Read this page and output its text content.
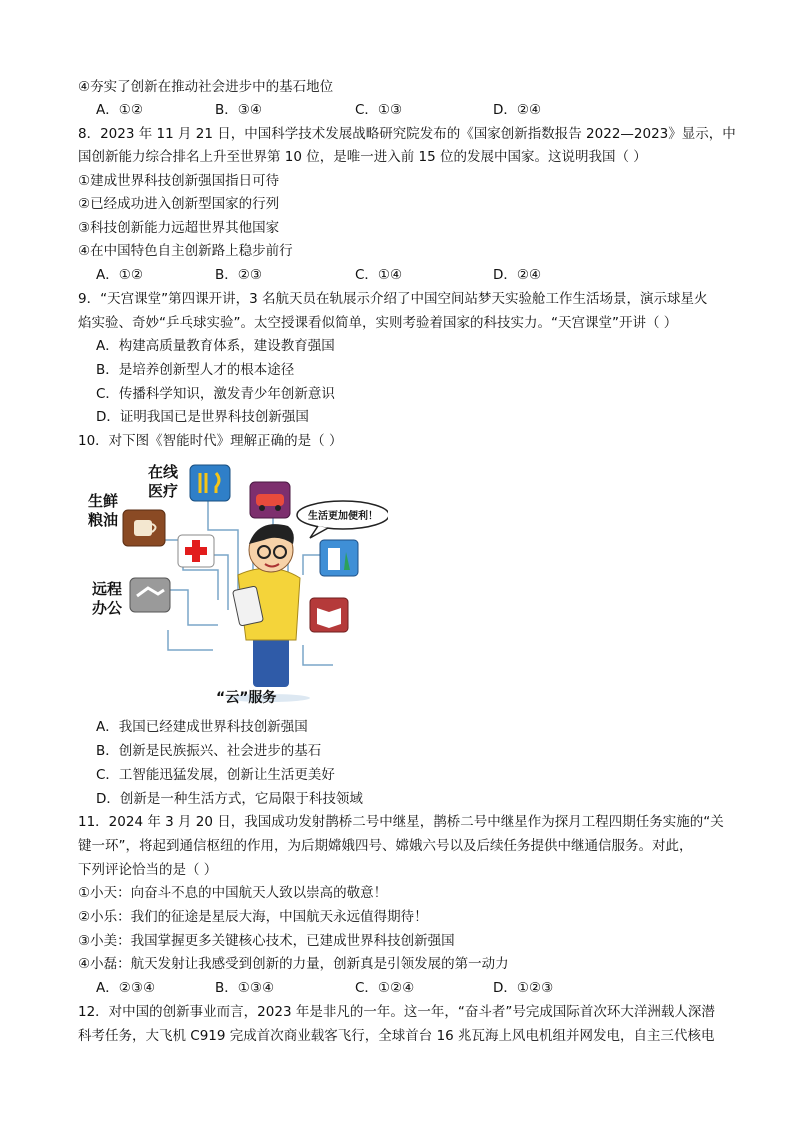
④夯实了创新在推动社会进步中的基石地位
A．①②	B．③④	C．①③	D．②④
8．2023 年 11 月 21 日，中国科学技术发展战略研究院发布的《国家创新指数报告 2022—2023》显示，中
国创新能力综合排名上升至世界第 10 位，是唯一进入前 15 位的发展中国家。这说明我国（ ）
①建成世界科技创新强国指日可待
②已经成功进入创新型国家的行列
③科技创新能力远超世界其他国家
④在中国特色自主创新路上稳步前行
A．①②	B．②③	C．①④	D．②④
9．“天宫课堂”第四课开讲，3 名航天员在轨展示介绍了中国空间站梦天实验舱工作生活场景，演示球星火
焰实验、奇妙“乒乓球实验”。太空授课看似简单，实则考验着国家的科技实力。“天宫课堂”开讲（ ）
A．构建高质量教育体系，建设教育强国
B．是培养创新型人才的根本途径
C．传播科学知识，激发青少年创新意识
D．证明我国已是世界科技创新强国
10．对下图《智能时代》理解正确的是（ ）
生活更加便利！
在线
医疗
生鲜
粮油
远程
办公
“云”服务
A．我国已经建成世界科技创新强国
B．创新是民族振兴、社会进步的基石
C．工智能迅猛发展，创新让生活更美好
D．创新是一种生活方式，它局限于科技领域
11．2024 年 3 月 20 日，我国成功发射鹊桥二号中继星，鹊桥二号中继星作为探月工程四期任务实施的“关
键一环”，将起到通信枢纽的作用，为后期嫦娥四号、嫦娥六号以及后续任务提供中继通信服务。对此，
下列评论恰当的是（ ）
①小天：向奋斗不息的中国航天人致以崇高的敬意！
②小乐：我们的征途是星辰大海，中国航天永远值得期待！
③小美：我国掌握更多关键核心技术，已建成世界科技创新强国
④小磊：航天发射让我感受到创新的力量，创新真是引领发展的第一动力
A．②③④	B．①③④	C．①②④	D．①②③
12．对中国的创新事业而言，2023 年是非凡的一年。这一年，“奋斗者”号完成国际首次环大洋洲载人深潜
科考任务，大飞机 C919 完成首次商业载客飞行，全球首台 16 兆瓦海上风电机组并网发电，自主三代核电
